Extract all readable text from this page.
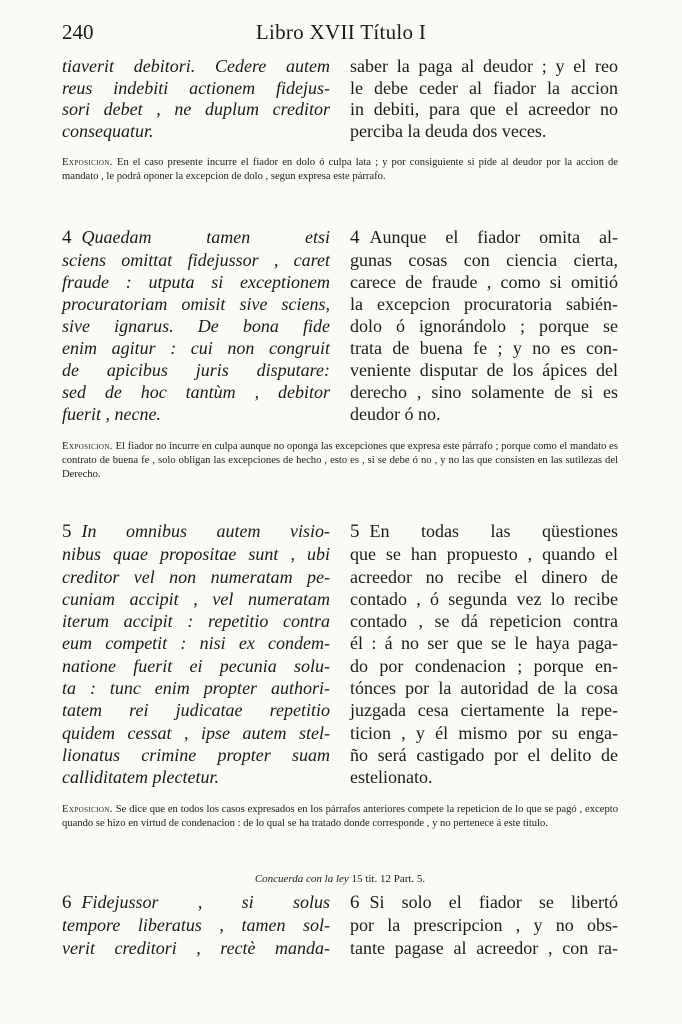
240	Libro XVII Título I
tiaverit debitori. Cedere autem
reus indebiti actionem fidejus-
sori debet , ne duplum creditor
consequatur.
saber la paga al deudor ; y el reo
le debe ceder al fiador la accion
in debiti, para que el acreedor no
perciba la deuda dos veces.
Exposicion. En el caso presente incurre el fiador en dolo ó culpa lata ; y por consiguiente si pide al deudor por la accion de mandato , le podrá oponer la excepcion de dolo , segun expresa este párrafo.
4 Quaedam tamen etsi
sciens omittat fidejussor , caret
fraude : utputa si exceptionem
procuratoriam omisit sive sciens,
sive ignarus. De bona fide
enim agitur : cui non congruit
de apicibus juris disputare:
sed de hoc tantùm , debitor
fuerit , necne.
4 Aunque el fiador omita al-
gunas cosas con ciencia cierta,
carece de fraude , como si omitió
la excepcion procuratoria sabién-
dolo ó ignorándolo ; porque se
trata de buena fe ; y no es con-
veniente disputar de los ápices del
derecho , sino solamente de si es
deudor ó no.
Exposicion. El fiador no incurre en culpa aunque no oponga las excepciones que expresa este párrafo ; porque como el mandato es contrato de buena fe , solo obligan las excepciones de hecho , esto es , si se debe ó no , y no las que consisten en las sutilezas del Derecho.
5 In omnibus autem visio-
nibus quae propositae sunt , ubi
creditor vel non numeratam pe-
cuniam accipit , vel numeratam
iterum accipit : repetitio contra
eum competit : nisi ex condem-
natione fuerit ei pecunia solu-
ta : tunc enim propter authori-
tatem rei judicatae repetitio
quidem cessat , ipse autem stel-
lionatus crimine propter suam
calliditatem plectetur.
5 En todas las qüestiones
que se han propuesto , quando el
acreedor no recibe el dinero de
contado , ó segunda vez lo recibe
contado , se dá repeticion contra
él : á no ser que se le haya paga-
do por condenacion ; porque en-
tónces por la autoridad de la cosa
juzgada cesa ciertamente la repe-
ticion , y él mismo por su enga-
ño será castigado por el delito de
estelionato.
Exposicion. Se dice que en todos los casos expresados en los párrafos anteriores compete la repeticion de lo que se pagó , excepto quando se hizo en virtud de condenacion : de lo qual se ha tratado donde corresponde , y no pertenece á este título.
Concuerda con la ley 15 tit. 12 Part. 5.
6 Fidejussor , si solus
tempore liberatus , tamen sol-
verit creditori , rectè manda-
6 Si solo el fiador se libertó
por la prescripcion , y no obs-
tante pagase al acreedor , con ra-
